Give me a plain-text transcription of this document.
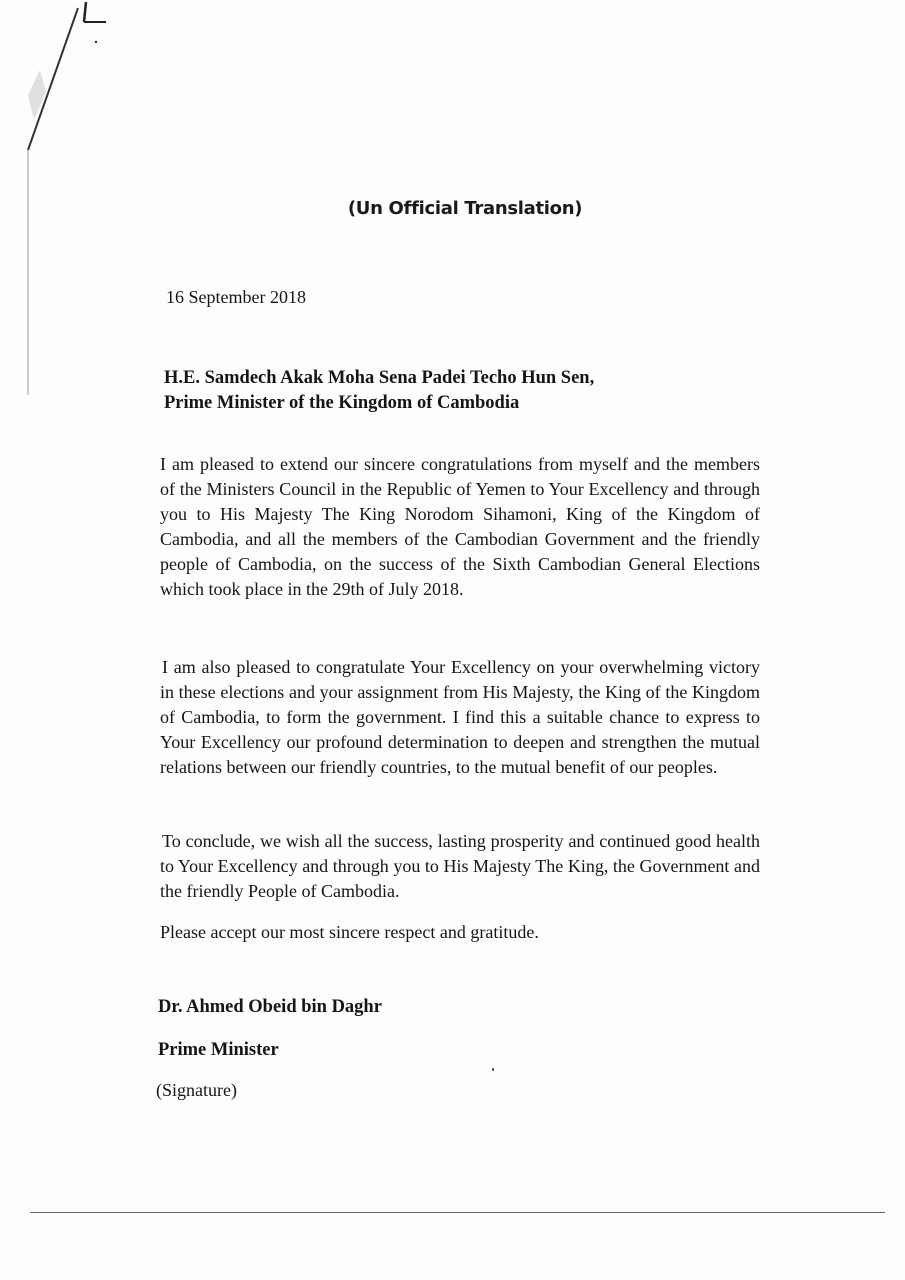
(Un Official Translation)
16 September 2018
H.E. Samdech Akak Moha Sena Padei Techo Hun Sen,
Prime Minister of the Kingdom of Cambodia
I am pleased to extend our sincere congratulations from myself and the members of the Ministers Council in the Republic of Yemen to Your Excellency and through you to His Majesty The King Norodom Sihamoni, King of the Kingdom of Cambodia, and all the members of the Cambodian Government and the friendly people of Cambodia, on the success of the Sixth Cambodian General Elections which took place in the 29th of July 2018.
I am also pleased to congratulate Your Excellency on your overwhelming victory in these elections and your assignment from His Majesty, the King of the Kingdom of Cambodia, to form the government. I find this a suitable chance to express to Your Excellency our profound determination to deepen and strengthen the mutual relations between our friendly countries, to the mutual benefit of our peoples.
To conclude, we wish all the success, lasting prosperity and continued good health to Your Excellency and through you to His Majesty The King, the Government and the friendly People of Cambodia.
Please accept our most sincere respect and gratitude.
Dr. Ahmed Obeid bin Daghr
Prime Minister
(Signature)
